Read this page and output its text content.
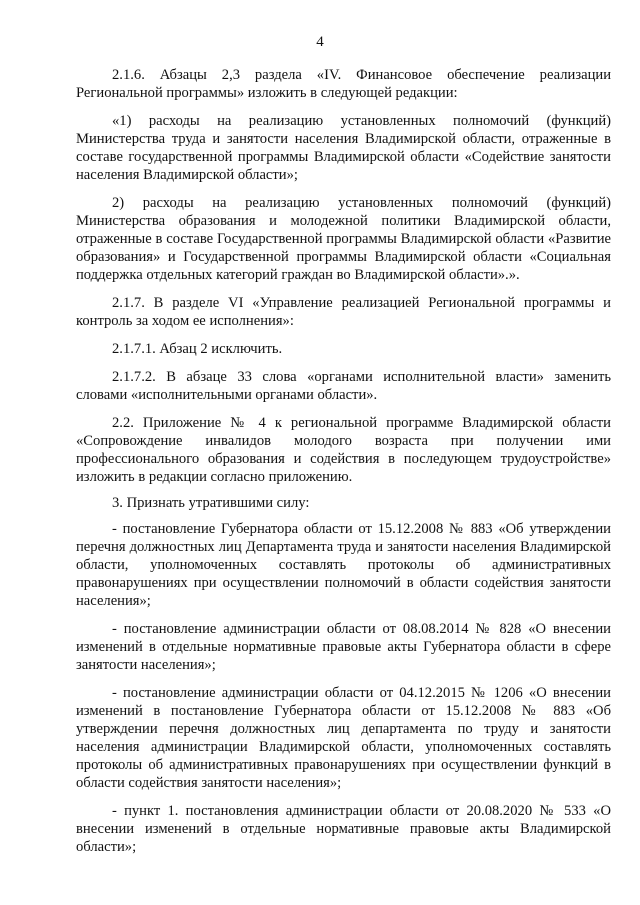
4

2.1.6. Абзацы 2,3 раздела «IV. Финансовое обеспечение реализации Региональной программы» изложить в следующей редакции:

«1) расходы на реализацию установленных полномочий (функций) Министерства труда и занятости населения Владимирской области, отраженные в составе государственной программы Владимирской области «Содействие занятости населения Владимирской области»;

2) расходы на реализацию установленных полномочий (функций) Министерства образования и молодежной политики Владимирской области, отраженные в составе Государственной программы Владимирской области «Развитие образования» и Государственной программы Владимирской области «Социальная поддержка отдельных категорий граждан во Владимирской области».».

2.1.7. В разделе VI «Управление реализацией Региональной программы и контроль за ходом ее исполнения»:

2.1.7.1. Абзац 2 исключить.

2.1.7.2. В абзаце 33 слова «органами исполнительной власти» заменить словами «исполнительными органами области».

2.2. Приложение № 4 к региональной программе Владимирской области «Сопровождение инвалидов молодого возраста при получении ими профессионального образования и содействия в последующем трудоустройстве» изложить в редакции согласно приложению.

3. Признать утратившими силу:

- постановление Губернатора области от 15.12.2008 № 883 «Об утверждении перечня должностных лиц Департамента труда и занятости населения Владимирской области, уполномоченных составлять протоколы об административных правонарушениях при осуществлении полномочий в области содействия занятости населения»;

- постановление администрации области от 08.08.2014 № 828 «О внесении изменений в отдельные нормативные правовые акты Губернатора области в сфере занятости населения»;

- постановление администрации области от 04.12.2015 № 1206 «О внесении изменений в постановление Губернатора области от 15.12.2008 № 883 «Об утверждении перечня должностных лиц департамента по труду и занятости населения администрации Владимирской области, уполномоченных составлять протоколы об административных правонарушениях при осуществлении функций в области содействия занятости населения»;

- пункт 1. постановления администрации области от 20.08.2020 № 533 «О внесении изменений в отдельные нормативные правовые акты Владимирской области»;
